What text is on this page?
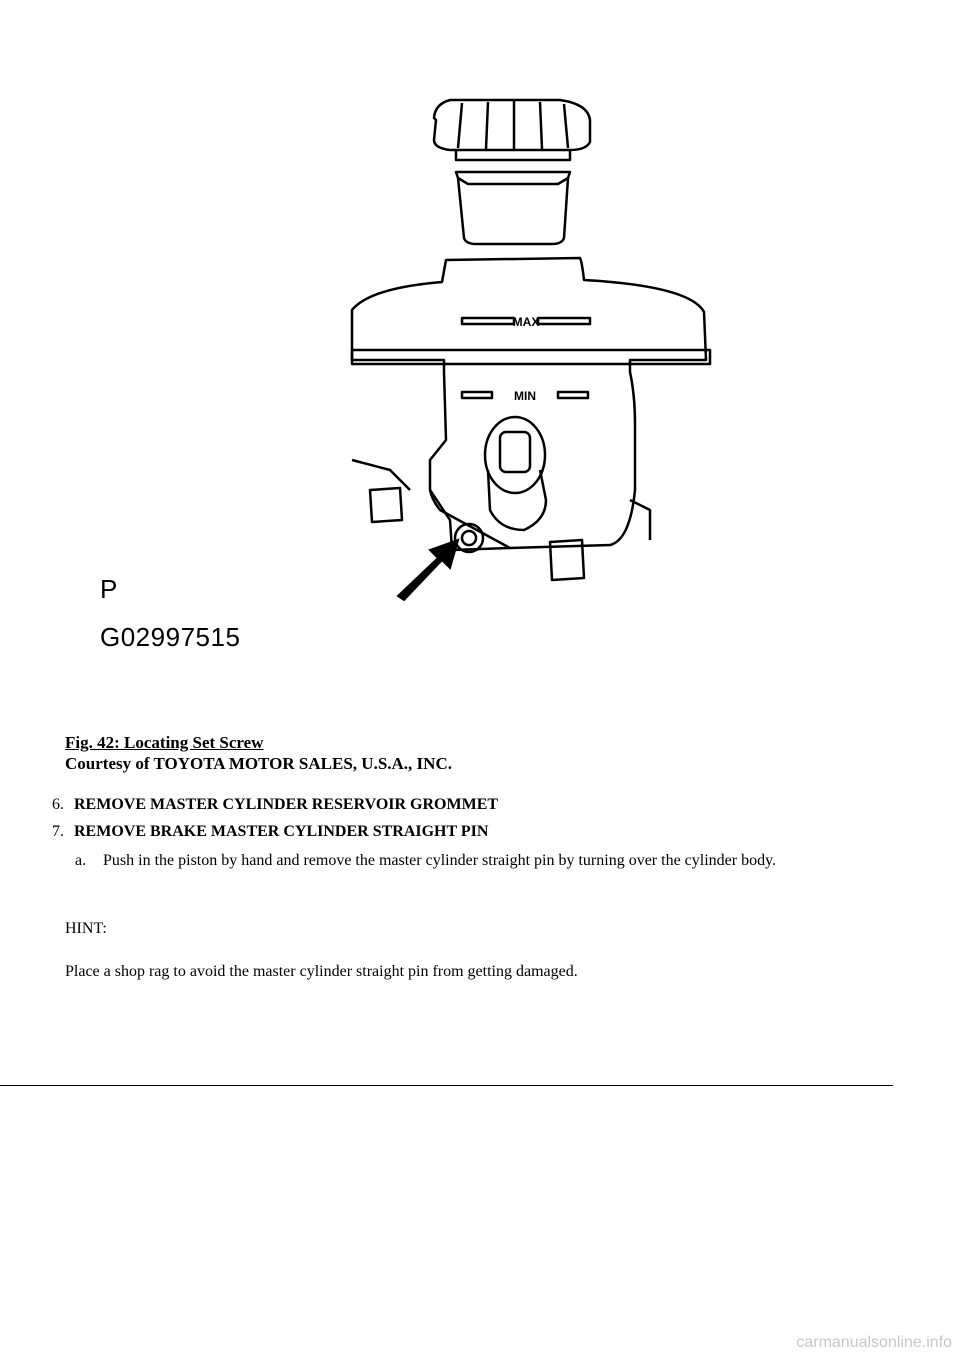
MAX
MIN
P
G02997515
Fig. 42: Locating Set Screw
Courtesy of TOYOTA MOTOR SALES, U.S.A., INC.
6. REMOVE MASTER CYLINDER RESERVOIR GROMMET
7. REMOVE BRAKE MASTER CYLINDER STRAIGHT PIN
a.	Push in the piston by hand and remove the master cylinder straight pin by turning over the cylinder body.
HINT:
Place a shop rag to avoid the master cylinder straight pin from getting damaged.
carmanualsonline.info
